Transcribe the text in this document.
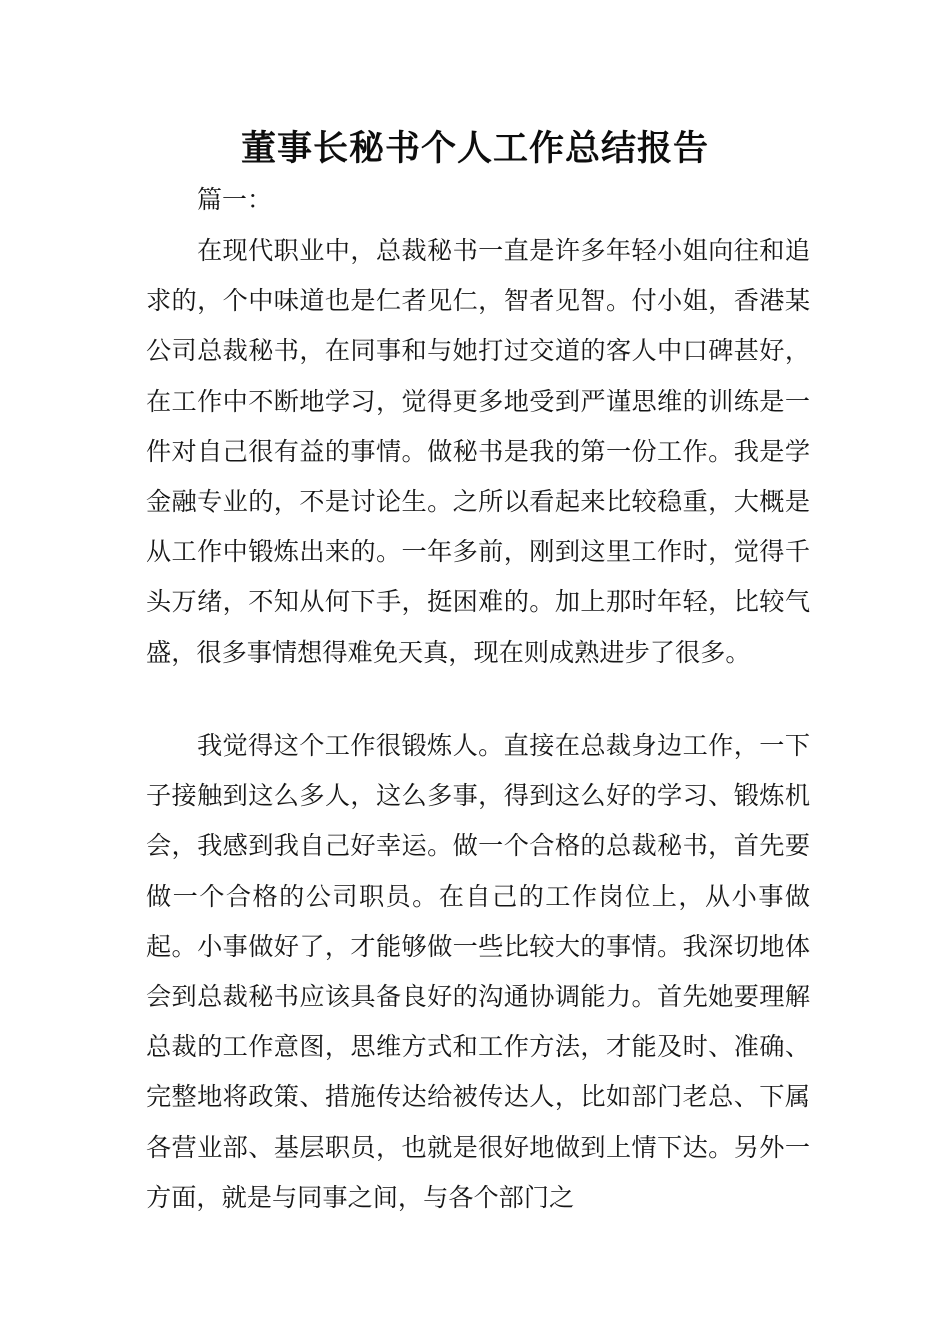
董事长秘书个人工作总结报告
篇一：

在现代职业中，总裁秘书一直是许多年轻小姐向往和追求的，个中味道也是仁者见仁，智者见智。付小姐，香港某公司总裁秘书，在同事和与她打过交道的客人中口碑甚好，在工作中不断地学习，觉得更多地受到严谨思维的训练是一件对自己很有益的事情。做秘书是我的第一份工作。我是学金融专业的，不是讨论生。之所以看起来比较稳重，大概是从工作中锻炼出来的。一年多前，刚到这里工作时，觉得千头万绪，不知从何下手，挺困难的。加上那时年轻，比较气盛，很多事情想得难免天真，现在则成熟进步了很多。

我觉得这个工作很锻炼人。直接在总裁身边工作，一下子接触到这么多人，这么多事，得到这么好的学习、锻炼机会，我感到我自己好幸运。做一个合格的总裁秘书，首先要做一个合格的公司职员。在自己的工作岗位上，从小事做起。小事做好了，才能够做一些比较大的事情。我深切地体会到总裁秘书应该具备良好的沟通协调能力。首先她要理解总裁的工作意图，思维方式和工作方法，才能及时、准确、完整地将政策、措施传达给被传达人，比如部门老总、下属各营业部、基层职员，也就是很好地做到上情下达。另外一方面，就是与同事之间，与各个部门之
